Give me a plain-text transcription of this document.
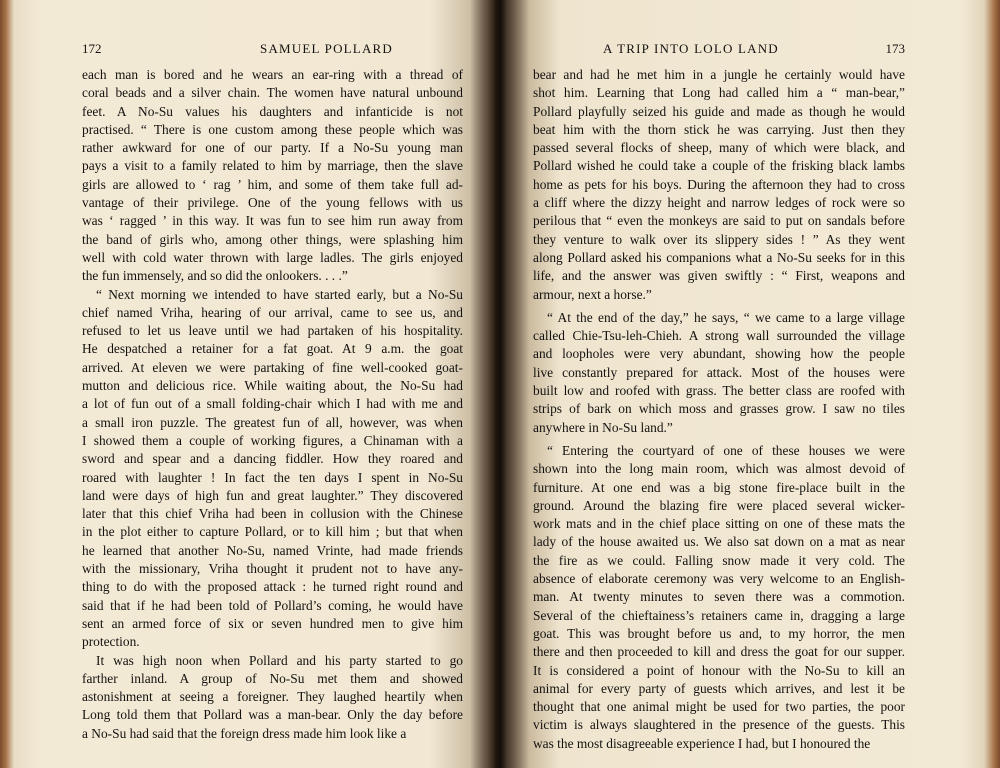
172	SAMUEL POLLARD
each man is bored and he wears an ear-ring with a thread of
coral beads and a silver chain. The women have natural unbound
feet. A No-Su values his daughters and infanticide is not
practised. “ There is one custom among these people which was
rather awkward for one of our party. If a No-Su young man
pays a visit to a family related to him by marriage, then the slave
girls are allowed to ‘ rag ’ him, and some of them take full ad-
vantage of their privilege. One of the young fellows with us
was ‘ ragged ’ in this way. It was fun to see him run away from
the band of girls who, among other things, were splashing him
well with cold water thrown with large ladles. The girls enjoyed
the fun immensely, and so did the onlookers. . . .”
“ Next morning we intended to have started early, but a No-Su
chief named Vriha, hearing of our arrival, came to see us, and
refused to let us leave until we had partaken of his hospitality.
He despatched a retainer for a fat goat. At 9 a.m. the goat
arrived. At eleven we were partaking of fine well-cooked goat-
mutton and delicious rice. While waiting about, the No-Su had
a lot of fun out of a small folding-chair which I had with me and
a small iron puzzle. The greatest fun of all, however, was when
I showed them a couple of working figures, a Chinaman with a
sword and spear and a dancing fiddler. How they roared and
roared with laughter ! In fact the ten days I spent in No-Su
land were days of high fun and great laughter.” They discovered
later that this chief Vriha had been in collusion with the Chinese
in the plot either to capture Pollard, or to kill him ; but that when
he learned that another No-Su, named Vrinte, had made friends
with the missionary, Vriha thought it prudent not to have any-
thing to do with the proposed attack : he turned right round and
said that if he had been told of Pollard’s coming, he would have
sent an armed force of six or seven hundred men to give him
protection.
It was high noon when Pollard and his party started to go
farther inland. A group of No-Su met them and showed
astonishment at seeing a foreigner. They laughed heartily when
Long told them that Pollard was a man-bear. Only the day before
a No-Su had said that the foreign dress made him look like a
A TRIP INTO LOLO LAND	173
bear and had he met him in a jungle he certainly would have
shot him. Learning that Long had called him a “ man-bear,”
Pollard playfully seized his guide and made as though he would
beat him with the thorn stick he was carrying. Just then they
passed several flocks of sheep, many of which were black, and
Pollard wished he could take a couple of the frisking black lambs
home as pets for his boys. During the afternoon they had to cross
a cliff where the dizzy height and narrow ledges of rock were so
perilous that “ even the monkeys are said to put on sandals before
they venture to walk over its slippery sides ! ” As they went
along Pollard asked his companions what a No-Su seeks for in this
life, and the answer was given swiftly : “ First, weapons and
armour, next a horse.”
“ At the end of the day,” he says, “ we came to a large village
called Chie-Tsu-leh-Chieh. A strong wall surrounded the village
and loopholes were very abundant, showing how the people
live constantly prepared for attack. Most of the houses were
built low and roofed with grass. The better class are roofed with
strips of bark on which moss and grasses grow. I saw no tiles
anywhere in No-Su land.”
“ Entering the courtyard of one of these houses we were
shown into the long main room, which was almost devoid of
furniture. At one end was a big stone fire-place built in the
ground. Around the blazing fire were placed several wicker-
work mats and in the chief place sitting on one of these mats the
lady of the house awaited us. We also sat down on a mat as near
the fire as we could. Falling snow made it very cold. The
absence of elaborate ceremony was very welcome to an English-
man. At twenty minutes to seven there was a commotion.
Several of the chieftainess’s retainers came in, dragging a large
goat. This was brought before us and, to my horror, the men
there and then proceeded to kill and dress the goat for our supper.
It is considered a point of honour with the No-Su to kill an
animal for every party of guests which arrives, and lest it be
thought that one animal might be used for two parties, the poor
victim is always slaughtered in the presence of the guests. This
was the most disagreeable experience I had, but I honoured the
